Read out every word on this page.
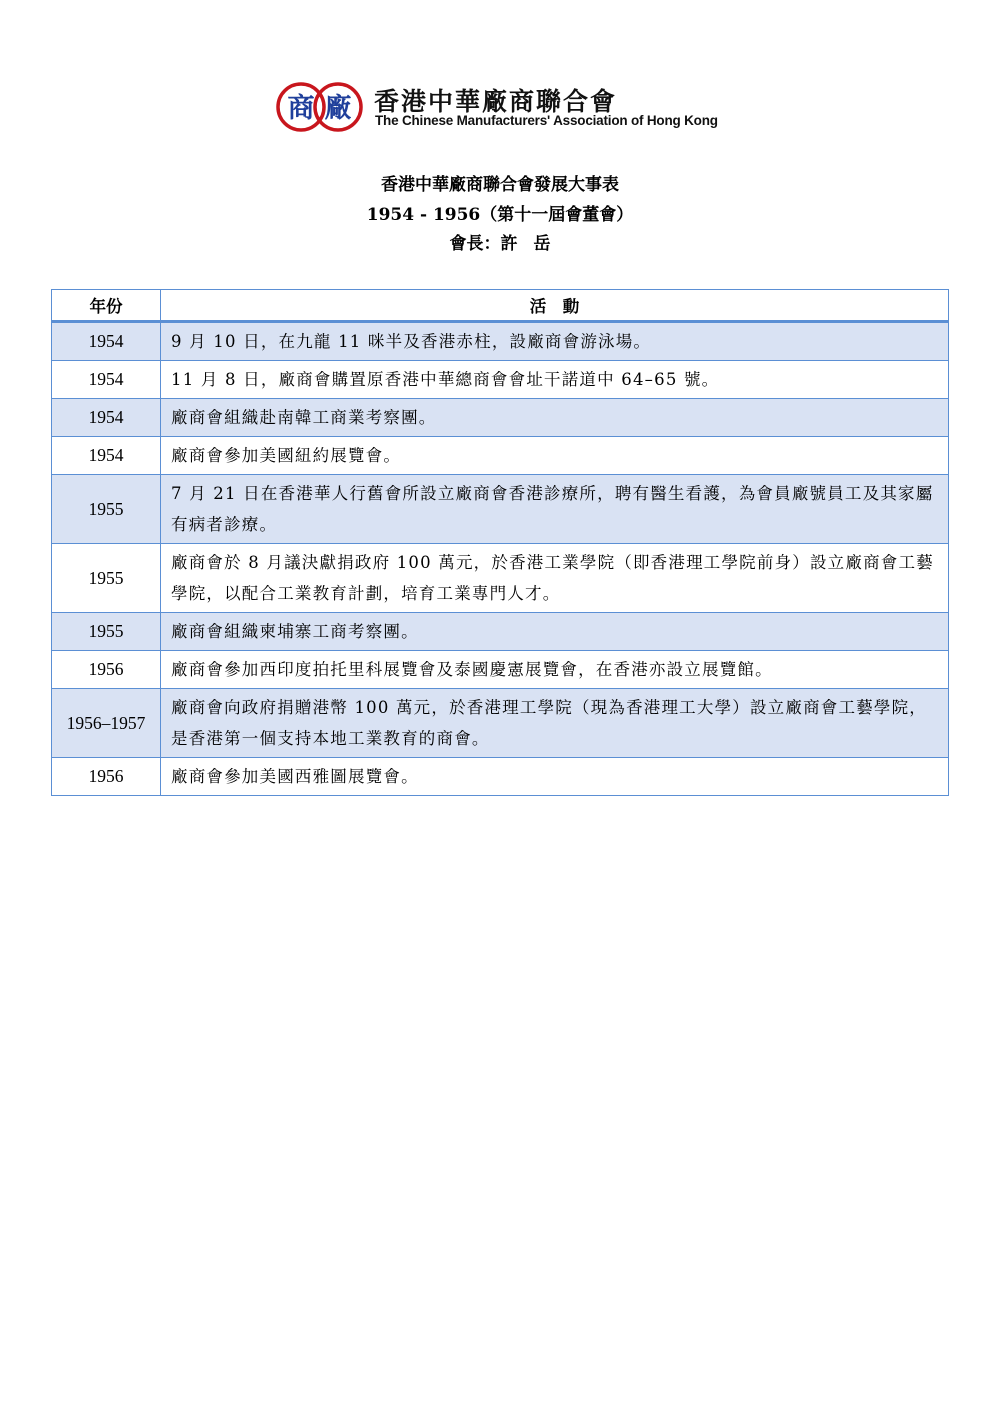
商 廠 香港中華廠商聯合會
The Chinese Manufacturers' Association of Hong Kong
香港中華廠商聯合會發展大事表
1954 - 1956（第十一屆會董會）
會長：許 岳
年份	活　動
1954	9 月 10 日，在九龍 11 咪半及香港赤柱，設廠商會游泳場。
1954	11 月 8 日，廠商會購置原香港中華總商會會址干諾道中 64–65 號。
1954	廠商會組織赴南韓工商業考察團。
1954	廠商會參加美國紐約展覽會。
1955	7 月 21 日在香港華人行舊會所設立廠商會香港診療所，聘有醫生看護，為會員廠號員工及其家屬有病者診療。
1955	廠商會於 8 月議決獻捐政府 100 萬元，於香港工業學院（即香港理工學院前身）設立廠商會工藝學院，以配合工業教育計劃，培育工業專門人才。
1955	廠商會組織柬埔寨工商考察團。
1956	廠商會參加西印度拍托里科展覽會及泰國慶憲展覽會，在香港亦設立展覽館。
1956–1957	廠商會向政府捐贈港幣 100 萬元，於香港理工學院（現為香港理工大學）設立廠商會工藝學院，是香港第一個支持本地工業教育的商會。
1956	廠商會參加美國西雅圖展覽會。
